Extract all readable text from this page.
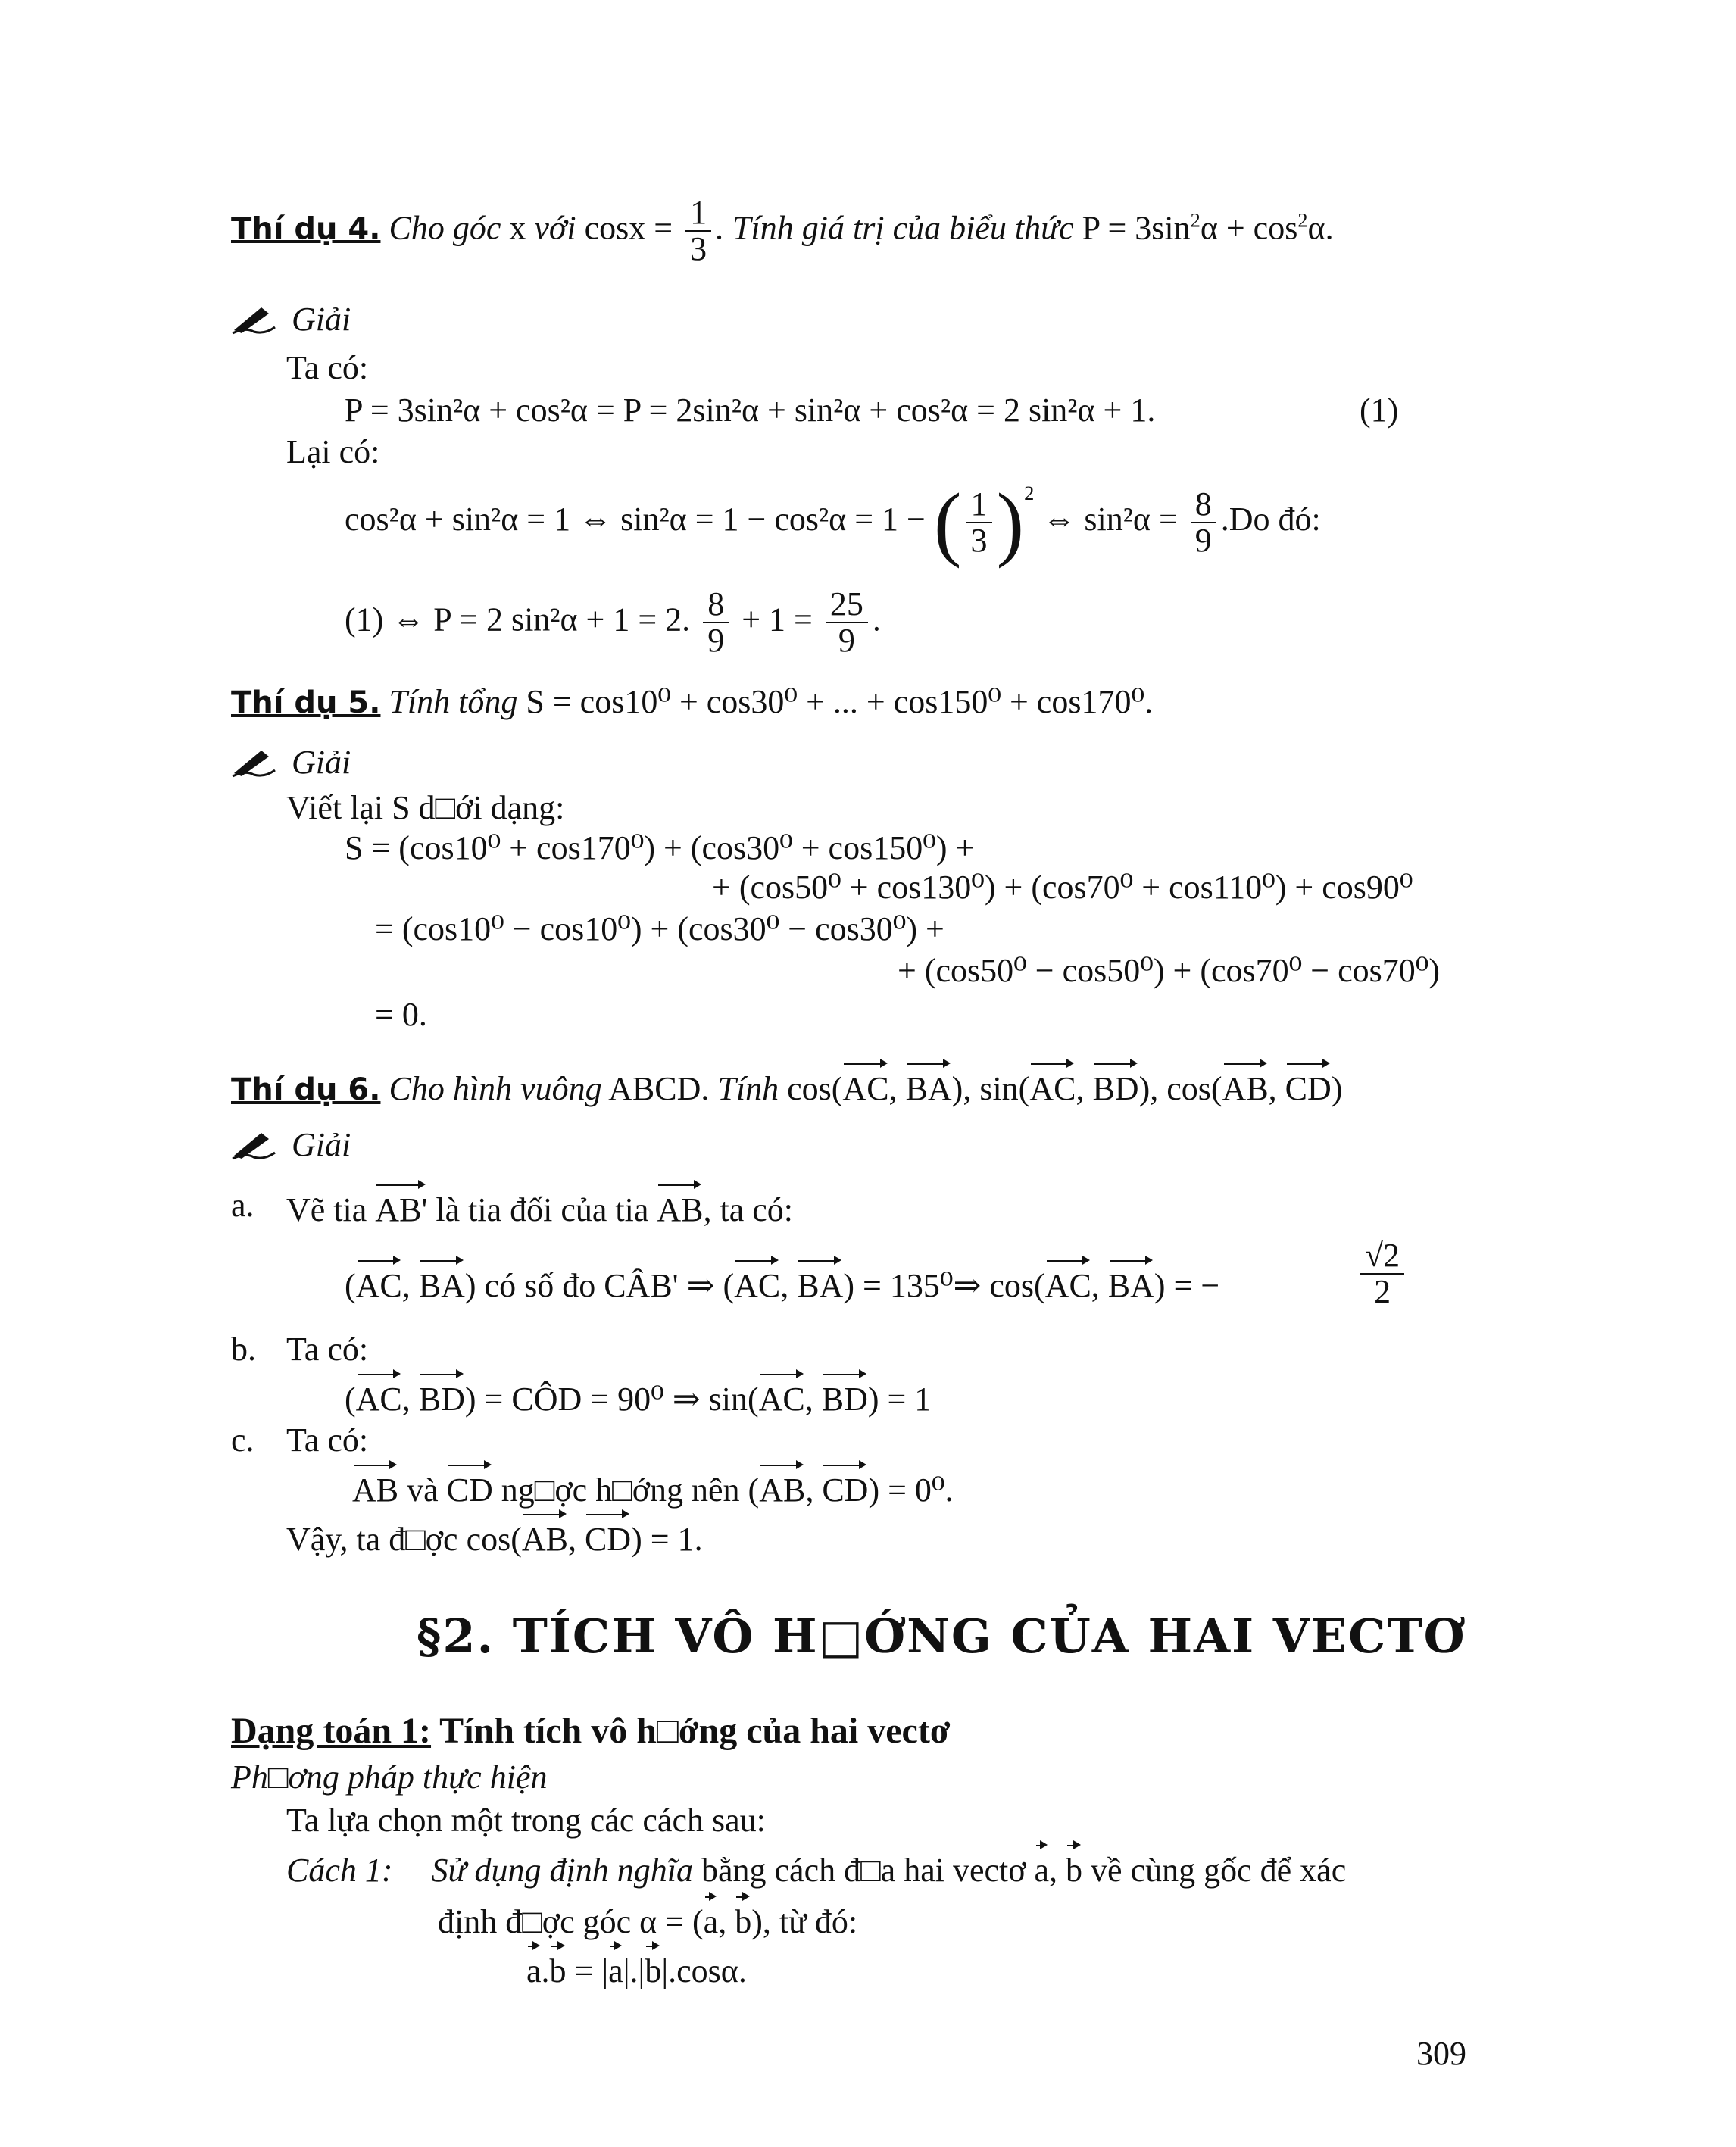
Thí dụ 4. Cho góc x với $\cos x = \frac{1}{3}$ . Tính giá trị của biểu thức $P = 3\sin^2\alpha + \cos^2\alpha$.
Giải
Ta có:
P = 3sin²α + cos²α = P = 2sin²α + sin²α + cos²α = 2 sin²α + 1.	(1)
Lại có:
cos²α + sin²α = 1 ⇔ sin²α = 1 − cos²α = 1 − ( $\frac{1}{3} )^2$ ⇔ $\sin^2\alpha = \frac{8}{9} .Do$ đó:
(1) ⇔ P = 2 sin²α + 1 = 2. $\frac{8}{9} + 1 = \frac{25}{9}$ .
Thí dụ 5. Tính tổng S = cos10⁰ + cos30⁰ + ... + cos150⁰ + cos170⁰.
Giải
Viết lại S d□ới dạng:
S = (cos10⁰ + cos170⁰) + (cos30⁰ + cos150⁰) +
+ (cos50⁰ + cos130⁰) + (cos70⁰ + cos110⁰) + cos90⁰
= (cos10⁰ − cos10⁰) + (cos30⁰ − cos30⁰) +
+ (cos50⁰ − cos50⁰) + (cos70⁰ − cos70⁰)
= 0.
Thí dụ 6. Cho hình vuông ABCD. Tính cos(AC, BA), sin(AC, BD), cos(AB, CD)
Giải
a. Vẽ tia AB' là tia đối của tia AB, ta có:
(AC, BA) có số đo CÂB' ⇒ (AC, BA) = 135⁰⇒ cos(AC, BA) = −	$\frac{√2}{2}$
b. Ta có:
(AC, BD) = CÔD = 90⁰ ⇒ sin(AC, BD) = 1
c. Ta có:
AB và CD ng□ợc h□ớng nên (AB, CD) = 0⁰.
Vậy, ta đ□ợc cos(AB, CD) = 1.
§2. TÍCH VÔ H□ỚNG CỦA HAI VECTƠ
Dạng toán 1: Tính tích vô h□ớng của hai vectơ
Ph□ơng pháp thực hiện
Ta lựa chọn một trong các cách sau:
Cách 1: Sử dụng định nghĩa bằng cách đ□a hai vectơ a, b về cùng gốc để xác
định đ□ợc góc α = (a, b), từ đó:
a.b = |a|.|b|.cosα.
309
